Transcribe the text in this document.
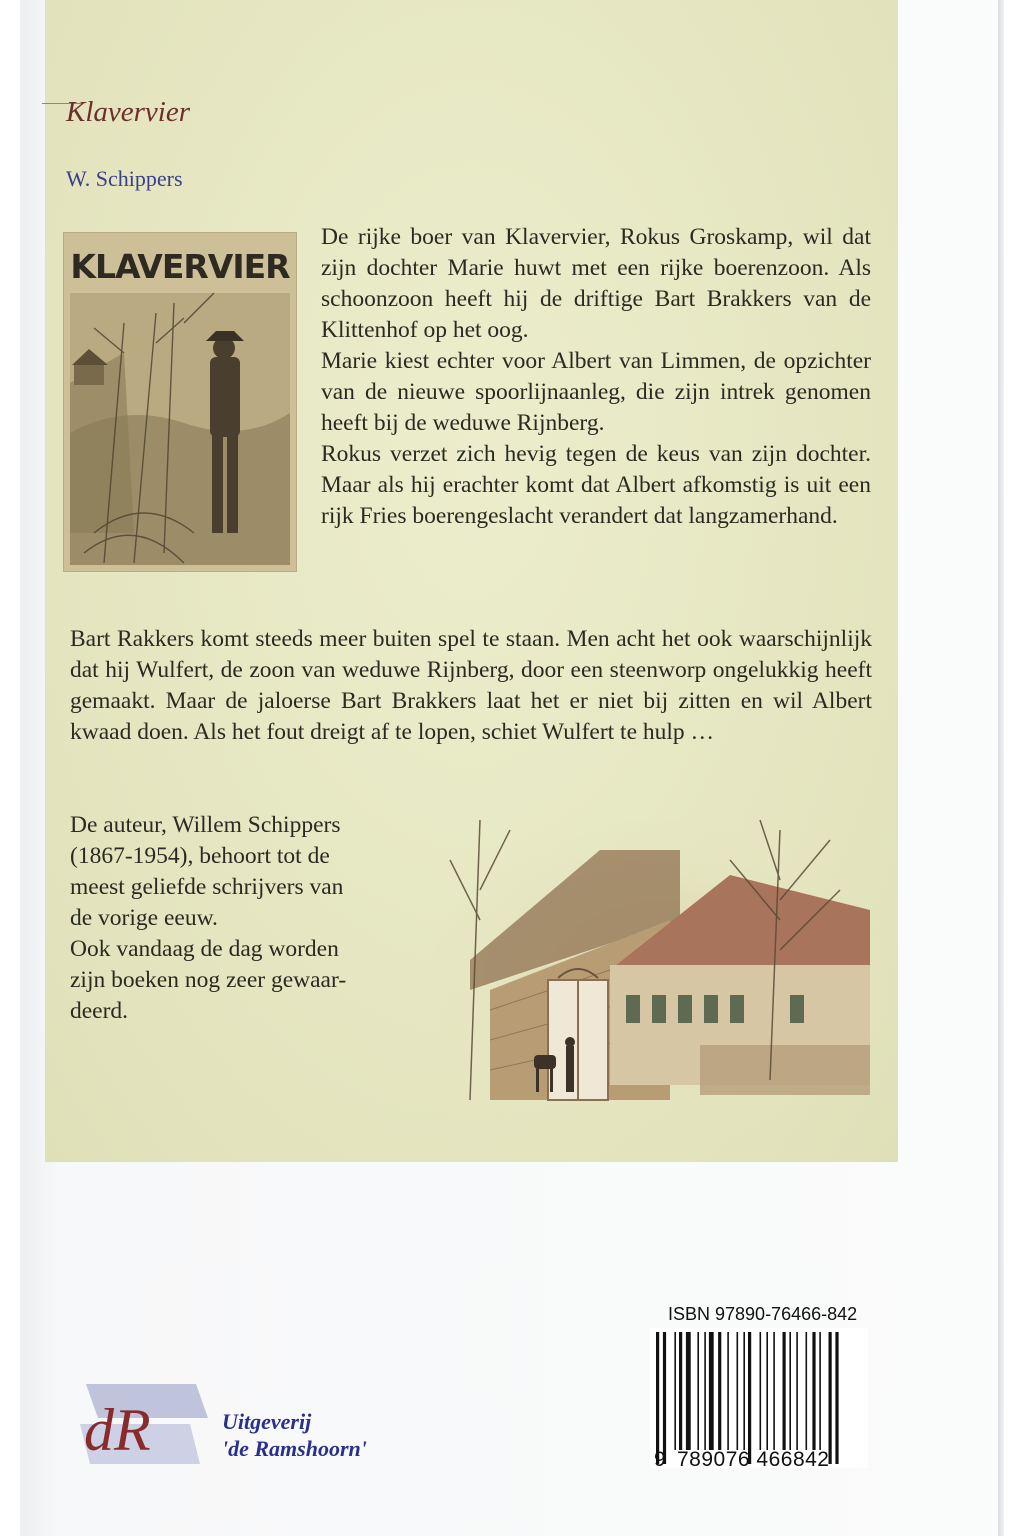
Klavervier
W. Schippers
KLAVERVIER

De rijke boer van Klavervier, Rokus Groskamp, wil dat zijn dochter Marie huwt met een rijke boerenzoon. Als schoonzoon heeft hij de driftige Bart Brakkers van de Klittenhof op het oog.

Marie kiest echter voor Albert van Limmen, de opzichter van de nieuwe spoorlijnaanleg, die zijn intrek genomen heeft bij de weduwe Rijnberg.

Rokus verzet zich hevig tegen de keus van zijn dochter. Maar als hij erachter komt dat Albert afkomstig is uit een rijk Fries boerengeslacht verandert dat langzamerhand.

Bart Rakkers komt steeds meer buiten spel te staan. Men acht het ook waarschijnlijk dat hij Wulfert, de zoon van weduwe Rijnberg, door een steenworp ongelukkig heeft gemaakt. Maar de jaloerse Bart Brakkers laat het er niet bij zitten en wil Albert kwaad doen. Als het fout dreigt af te lopen, schiet Wulfert te hulp …

De auteur, Willem Schippers
(1867-1954), behoort tot de
meest geliefde schrijvers van
de vorige eeuw.
Ook vandaag de dag worden
zijn boeken nog zeer gewaar-
deerd.
ISBN 97890-76466-842
9 789076 466842
dR	Uitgeverij
'de Ramshoorn'
